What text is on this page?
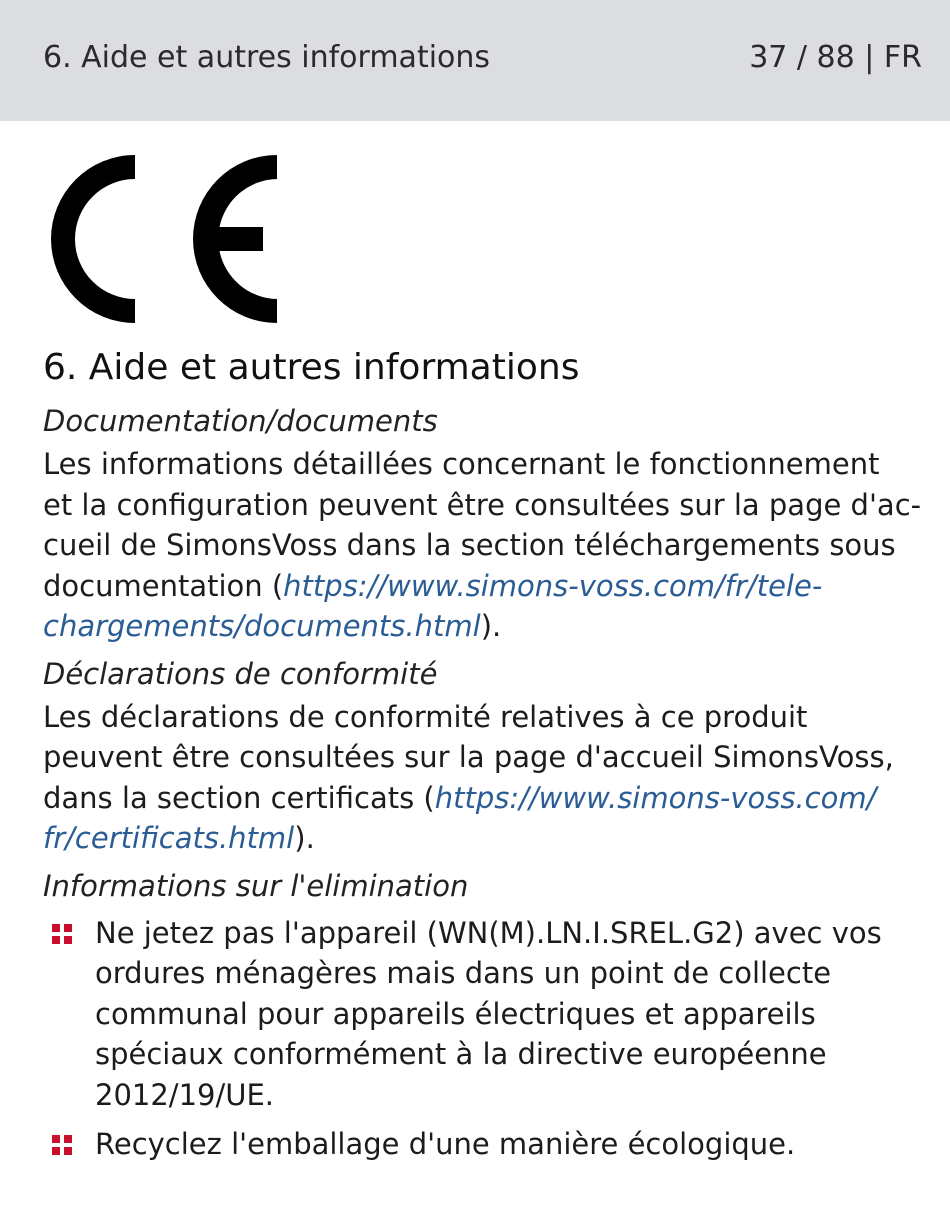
6. Aide et autres informations	37 / 88 | FR
6. Aide et autres informations

Documentation/documents

Les informations détaillées concernant le fonctionnement
et la configuration peuvent être consultées sur la page d'ac-
cueil de SimonsVoss dans la section téléchargements sous
documentation (https://www.simons-voss.com/fr/tele-
chargements/documents.html).

Déclarations de conformité

Les déclarations de conformité relatives à ce produit
peuvent être consultées sur la page d'accueil SimonsVoss,
dans la section certificats (https://www.simons-voss.com/
fr/certificats.html).

Informations sur l'elimination

Ne jetez pas l'appareil (WN(M).LN.I.SREL.G2) avec vos
ordures ménagères mais dans un point de collecte
communal pour appareils électriques et appareils
spéciaux conformément à la directive européenne
2012/19/UE.
Recyclez l'emballage d'une manière écologique.
